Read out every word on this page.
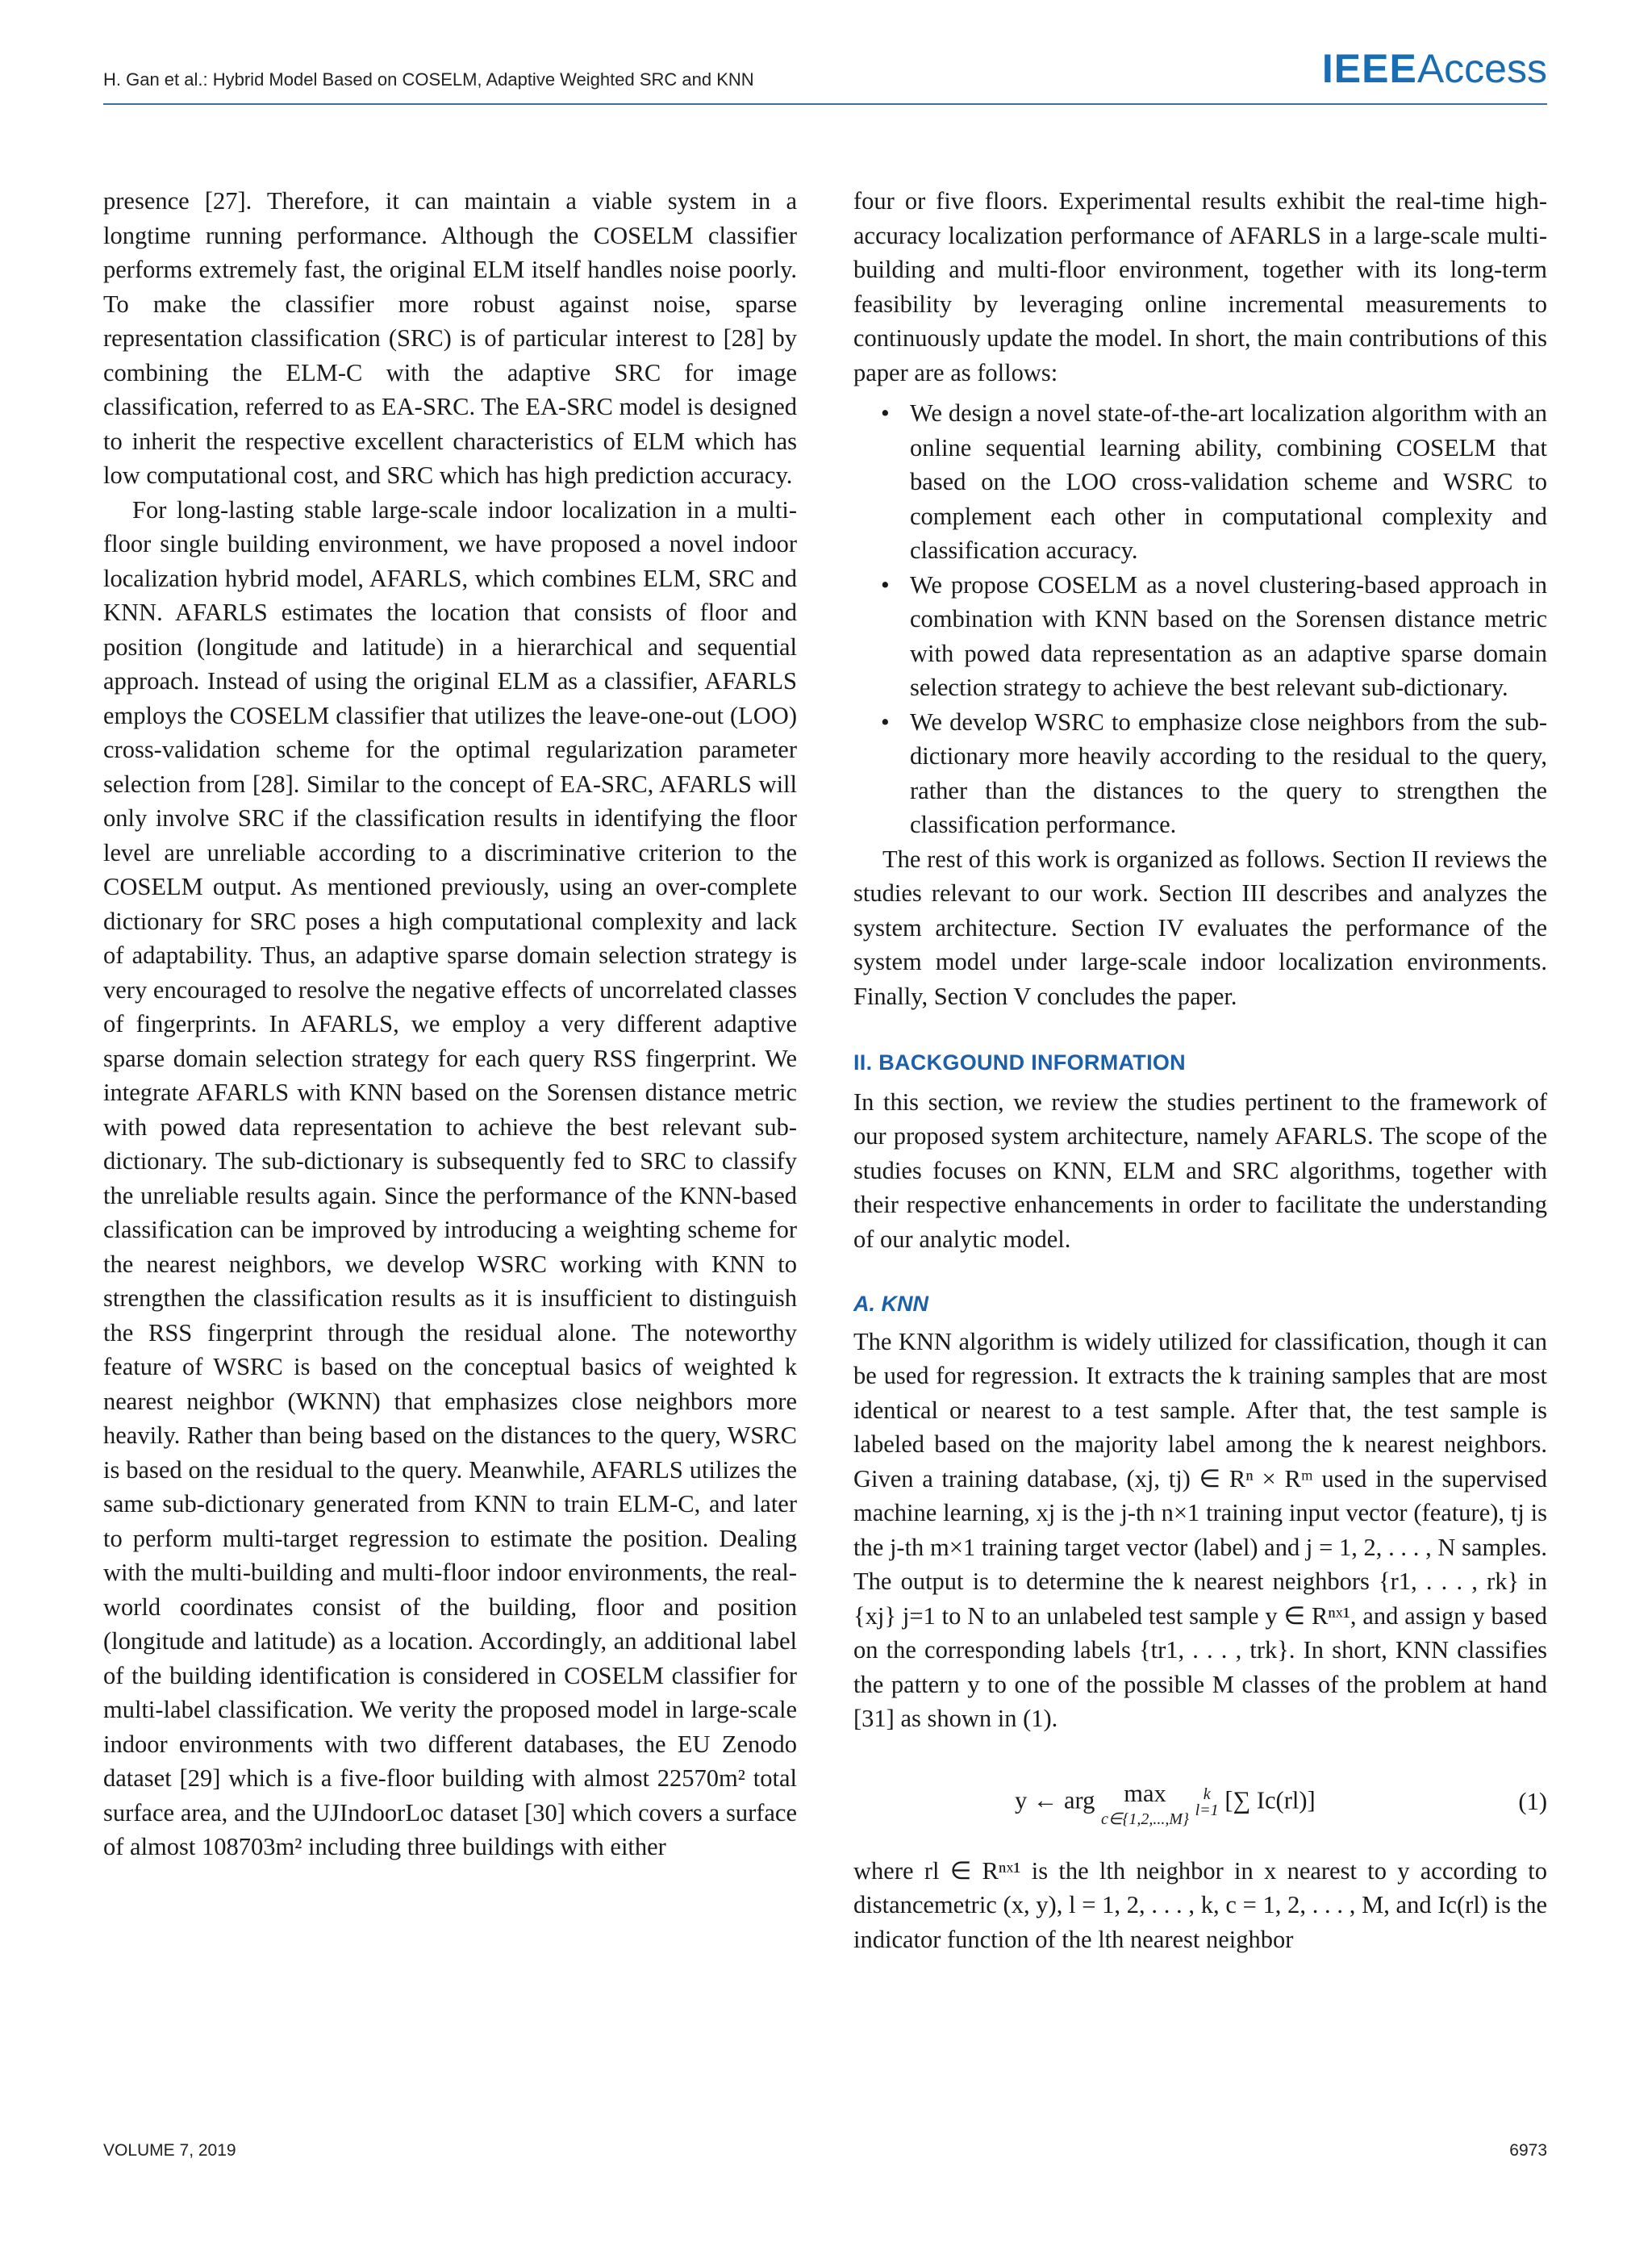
H. Gan et al.: Hybrid Model Based on COSELM, Adaptive Weighted SRC and KNN	IEEEAccess

presence [27]. Therefore, it can maintain a viable system in a longtime running performance. Although the COSELM classifier performs extremely fast, the original ELM itself handles noise poorly. To make the classifier more robust against noise, sparse representation classification (SRC) is of particular interest to [28] by combining the ELM-C with the adaptive SRC for image classification, referred to as EA-SRC. The EA-SRC model is designed to inherit the respective excellent characteristics of ELM which has low computational cost, and SRC which has high prediction accuracy.

For long-lasting stable large-scale indoor localization in a multi-floor single building environment, we have proposed a novel indoor localization hybrid model, AFARLS, which combines ELM, SRC and KNN. AFARLS estimates the location that consists of floor and position (longitude and latitude) in a hierarchical and sequential approach. Instead of using the original ELM as a classifier, AFARLS employs the COSELM classifier that utilizes the leave-one-out (LOO) cross-validation scheme for the optimal regularization parameter selection from [28]. Similar to the concept of EA-SRC, AFARLS will only involve SRC if the classification results in identifying the floor level are unreliable according to a discriminative criterion to the COSELM output. As mentioned previously, using an over-complete dictionary for SRC poses a high computational complexity and lack of adaptability. Thus, an adaptive sparse domain selection strategy is very encouraged to resolve the negative effects of uncorrelated classes of fingerprints. In AFARLS, we employ a very different adaptive sparse domain selection strategy for each query RSS fingerprint. We integrate AFARLS with KNN based on the Sorensen distance metric with powed data representation to achieve the best relevant sub-dictionary. The sub-dictionary is subsequently fed to SRC to classify the unreliable results again. Since the performance of the KNN-based classification can be improved by introducing a weighting scheme for the nearest neighbors, we develop WSRC working with KNN to strengthen the classification results as it is insufficient to distinguish the RSS fingerprint through the residual alone. The noteworthy feature of WSRC is based on the conceptual basics of weighted k nearest neighbor (WKNN) that emphasizes close neighbors more heavily. Rather than being based on the distances to the query, WSRC is based on the residual to the query. Meanwhile, AFARLS utilizes the same sub-dictionary generated from KNN to train ELM-C, and later to perform multi-target regression to estimate the position. Dealing with the multi-building and multi-floor indoor environments, the real-world coordinates consist of the building, floor and position (longitude and latitude) as a location. Accordingly, an additional label of the building identification is considered in COSELM classifier for multi-label classification. We verity the proposed model in large-scale indoor environments with two different databases, the EU Zenodo dataset [29] which is a five-floor building with almost 22570m² total surface area, and the UJIndoorLoc dataset [30] which covers a surface of almost 108703m² including three buildings with either

four or five floors. Experimental results exhibit the real-time high-accuracy localization performance of AFARLS in a large-scale multi-building and multi-floor environment, together with its long-term feasibility by leveraging online incremental measurements to continuously update the model. In short, the main contributions of this paper are as follows:

• We design a novel state-of-the-art localization algorithm with an online sequential learning ability, combining COSELM that based on the LOO cross-validation scheme and WSRC to complement each other in computational complexity and classification accuracy.
• We propose COSELM as a novel clustering-based approach in combination with KNN based on the Sorensen distance metric with powed data representation as an adaptive sparse domain selection strategy to achieve the best relevant sub-dictionary.
• We develop WSRC to emphasize close neighbors from the sub-dictionary more heavily according to the residual to the query, rather than the distances to the query to strengthen the classification performance.

The rest of this work is organized as follows. Section II reviews the studies relevant to our work. Section III describes and analyzes the system architecture. Section IV evaluates the performance of the system model under large-scale indoor localization environments. Finally, Section V concludes the paper.

II. BACKGOUND INFORMATION

In this section, we review the studies pertinent to the framework of our proposed system architecture, namely AFARLS. The scope of the studies focuses on KNN, ELM and SRC algorithms, together with their respective enhancements in order to facilitate the understanding of our analytic model.

A. KNN

The KNN algorithm is widely utilized for classification, though it can be used for regression. It extracts the k training samples that are most identical or nearest to a test sample. After that, the test sample is labeled based on the majority label among the k nearest neighbors. Given a training database, (xj, tj) ∈ Rⁿ × Rᵐ used in the supervised machine learning, xj is the j-th n×1 training input vector (feature), tj is the j-th m×1 training target vector (label) and j = 1, 2, . . . , N samples. The output is to determine the k nearest neighbors {r1, . . . , rk} in {xj} j=1 to N to an unlabeled test sample y ∈ Rⁿˣ¹, and assign y based on the corresponding labels {tr1, . . . , trk}. In short, KNN classifies the pattern y to one of the possible M classes of the problem at hand [31] as shown in (1).

y ← arg max
c∈{1,2,...,M}

k
l=1 [∑ Ic(rl)]	(1)

where rl ∈ Rⁿˣ¹ is the lth neighbor in x nearest to y according to distancemetric (x, y), l = 1, 2, . . . , k, c = 1, 2, . . . , M, and Ic(rl) is the indicator function of the lth nearest neighbor

VOLUME 7, 2019	6973
